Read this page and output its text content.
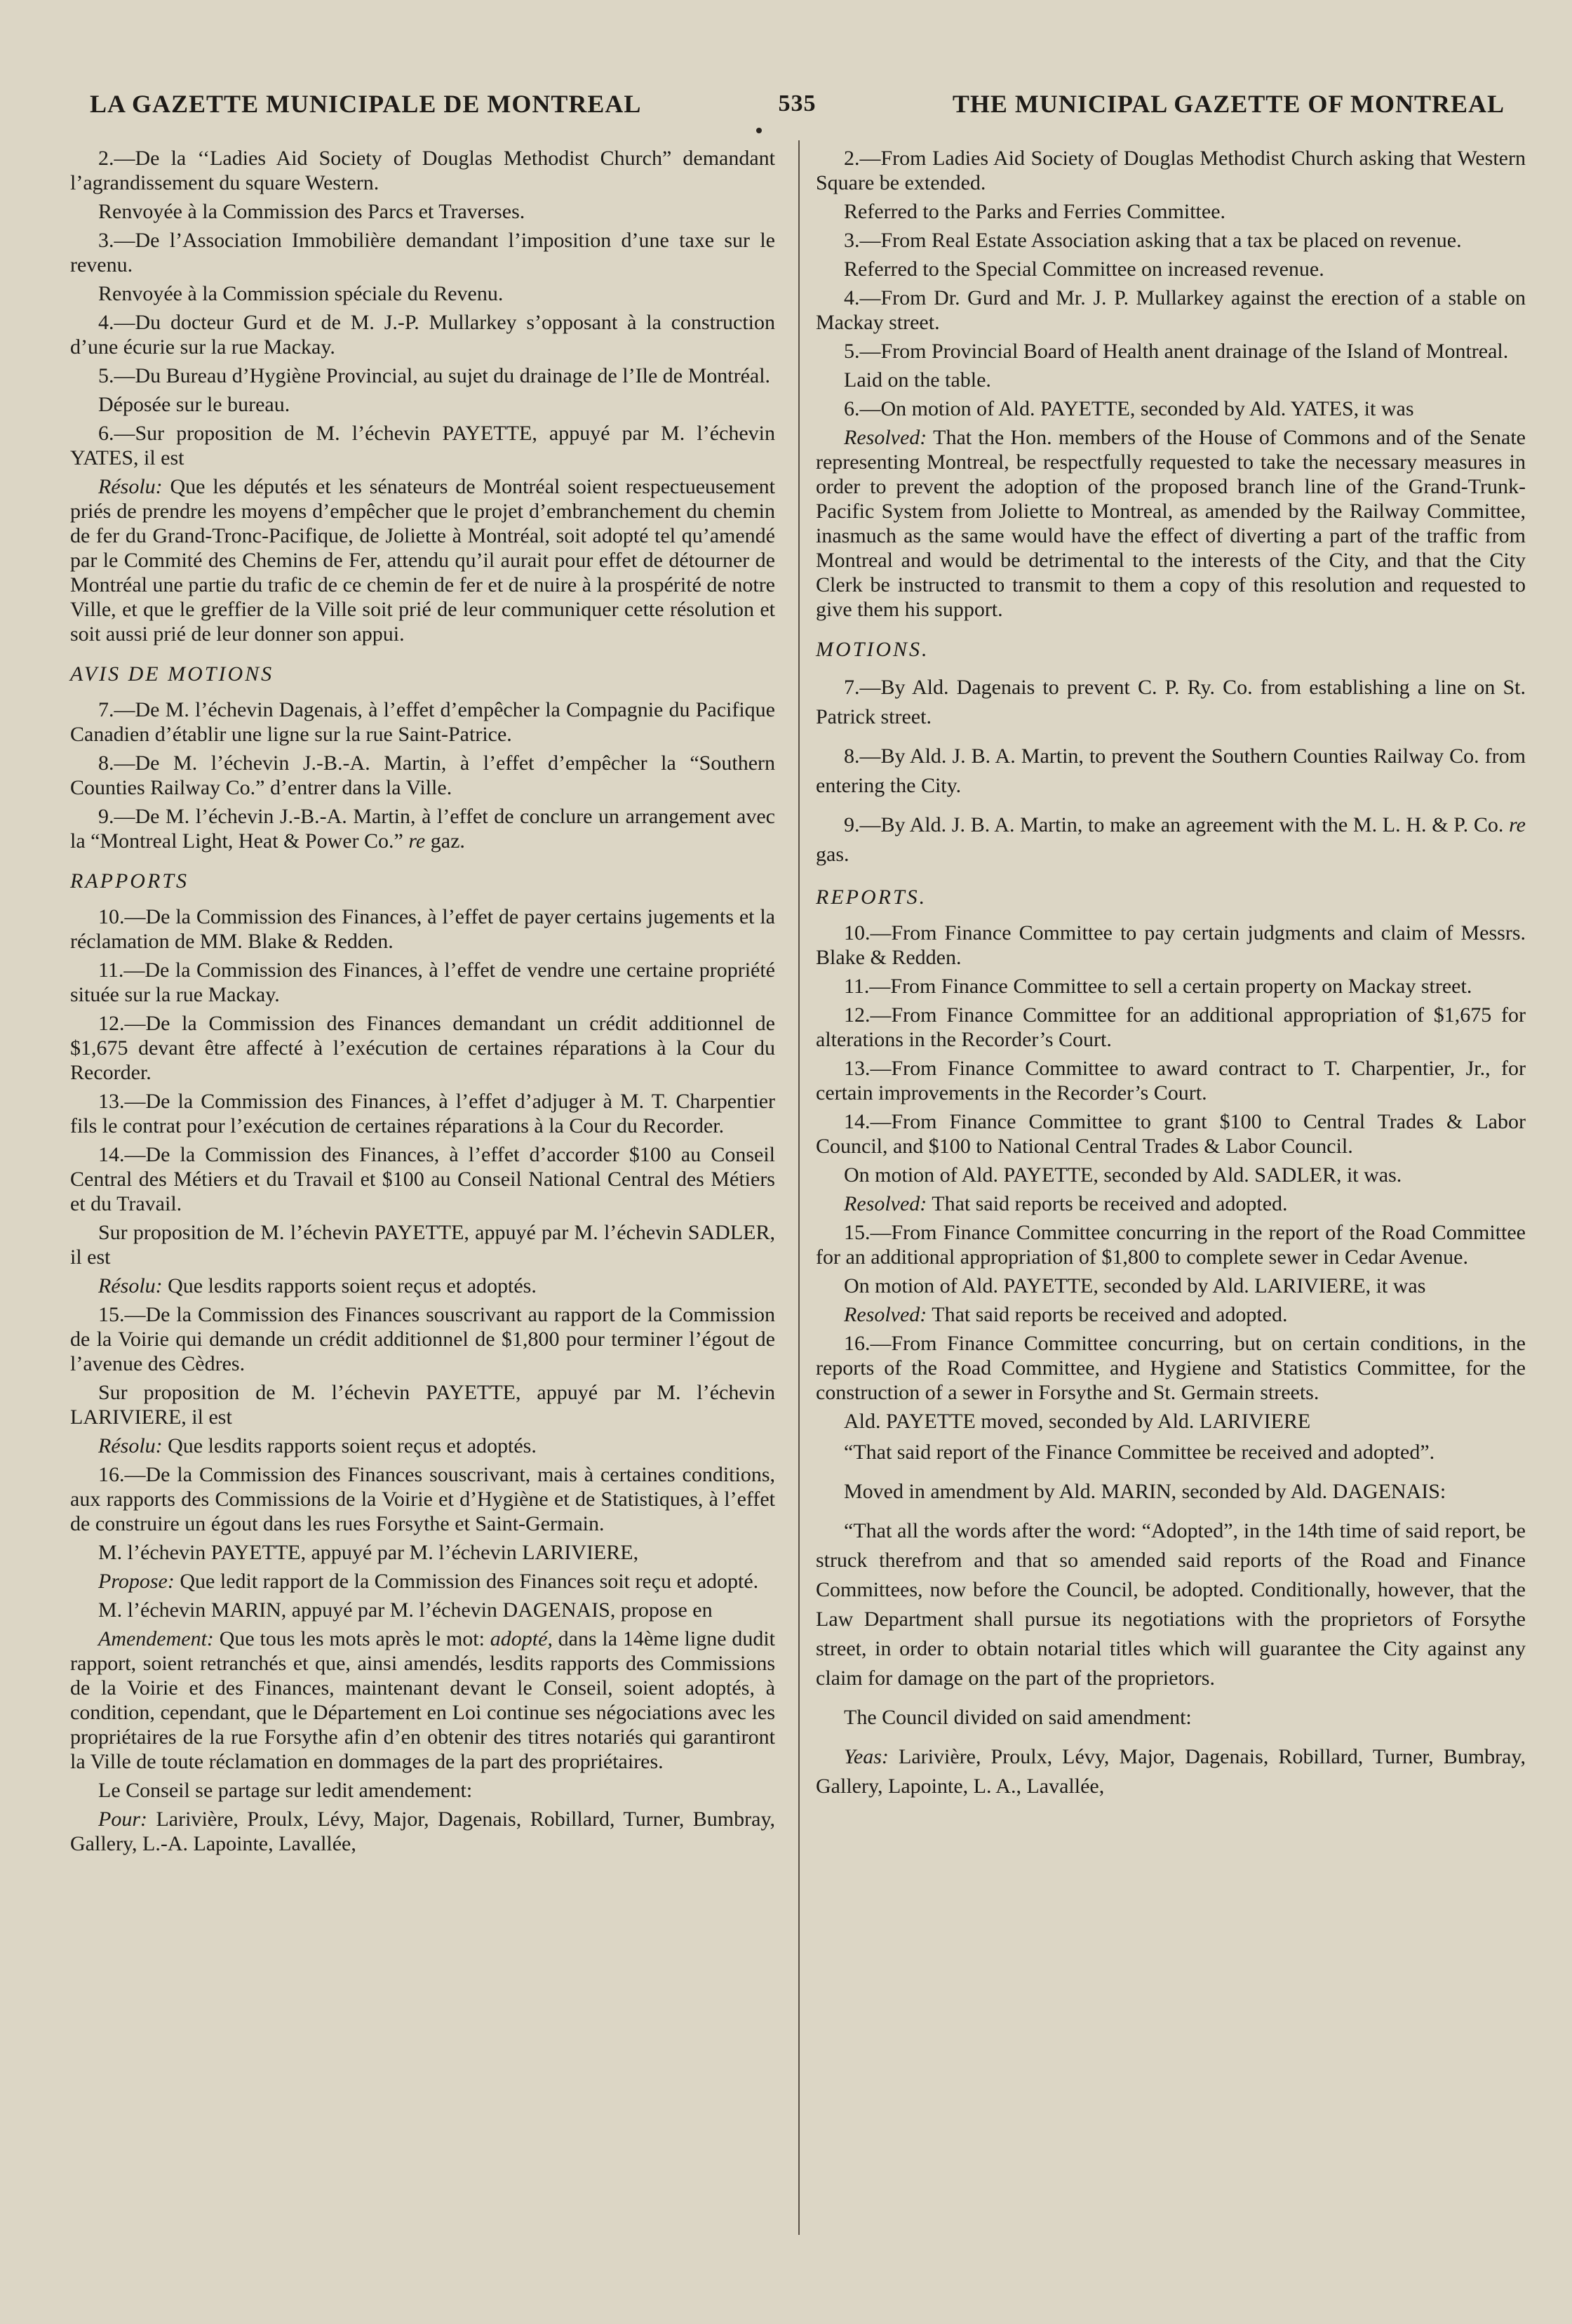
LA GAZETTE MUNICIPALE DE MONTREAL	535	THE MUNICIPAL GAZETTE OF MONTREAL

2.—De la ‘‘Ladies Aid Society of Douglas Methodist Church” demandant l’agrandissement du square Western.

Renvoyée à la Commission des Parcs et Traverses.

3.—De l’Association Immobilière demandant l’imposition d’une taxe sur le revenu.

Renvoyée à la Commission spéciale du Revenu.

4.—Du docteur Gurd et de M. J.-P. Mullarkey s’opposant à la construction d’une écurie sur la rue Mackay.

5.—Du Bureau d’Hygiène Provincial, au sujet du drainage de l’Ile de Montréal.

Déposée sur le bureau.

6.—Sur proposition de M. l’échevin PAYETTE, appuyé par M. l’échevin YATES, il est

Résolu: Que les députés et les sénateurs de Montréal soient respectueusement priés de prendre les moyens d’empêcher que le projet d’embranchement du chemin de fer du Grand-Tronc-Pacifique, de Joliette à Montréal, soit adopté tel qu’amendé par le Commité des Chemins de Fer, attendu qu’il aurait pour effet de détourner de Montréal une partie du trafic de ce chemin de fer et de nuire à la prospérité de notre Ville, et que le greffier de la Ville soit prié de leur communiquer cette résolution et soit aussi prié de leur donner son appui.

AVIS DE MOTIONS

7.—De M. l’échevin Dagenais, à l’effet d’empêcher la Compagnie du Pacifique Canadien d’établir une ligne sur la rue Saint-Patrice.

8.—De M. l’échevin J.-B.-A. Martin, à l’effet d’empêcher la “Southern Counties Railway Co.” d’entrer dans la Ville.

9.—De M. l’échevin J.-B.-A. Martin, à l’effet de conclure un arrangement avec la “Montreal Light, Heat & Power Co.” re gaz.

RAPPORTS

10.—De la Commission des Finances, à l’effet de payer certains jugements et la réclamation de MM. Blake & Redden.

11.—De la Commission des Finances, à l’effet de vendre une certaine propriété située sur la rue Mackay.

12.—De la Commission des Finances demandant un crédit additionnel de $1,675 devant être affecté à l’exécution de certaines réparations à la Cour du Recorder.

13.—De la Commission des Finances, à l’effet d’adjuger à M. T. Charpentier fils le contrat pour l’exécution de certaines réparations à la Cour du Recorder.

14.—De la Commission des Finances, à l’effet d’accorder $100 au Conseil Central des Métiers et du Travail et $100 au Conseil National Central des Métiers et du Travail.

Sur proposition de M. l’échevin PAYETTE, appuyé par M. l’échevin SADLER, il est

Résolu: Que lesdits rapports soient reçus et adoptés.

15.—De la Commission des Finances souscrivant au rapport de la Commission de la Voirie qui demande un crédit additionnel de $1,800 pour terminer l’égout de l’avenue des Cèdres.

Sur proposition de M. l’échevin PAYETTE, appuyé par M. l’échevin LARIVIERE, il est

Résolu: Que lesdits rapports soient reçus et adoptés.

16.—De la Commission des Finances souscrivant, mais à certaines conditions, aux rapports des Commissions de la Voirie et d’Hygiène et de Statistiques, à l’effet de construire un égout dans les rues Forsythe et Saint-Germain.

M. l’échevin PAYETTE, appuyé par M. l’échevin LARIVIERE,

Propose: Que ledit rapport de la Commission des Finances soit reçu et adopté.

M. l’échevin MARIN, appuyé par M. l’échevin DAGENAIS, propose en

Amendement: Que tous les mots après le mot: adopté, dans la 14ème ligne dudit rapport, soient retranchés et que, ainsi amendés, lesdits rapports des Commissions de la Voirie et des Finances, maintenant devant le Conseil, soient adoptés, à condition, cependant, que le Département en Loi continue ses négociations avec les propriétaires de la rue Forsythe afin d’en obtenir des titres notariés qui garantiront la Ville de toute réclamation en dommages de la part des propriétaires.

Le Conseil se partage sur ledit amendement:

Pour: Larivière, Proulx, Lévy, Major, Dagenais, Robillard, Turner, Bumbray, Gallery, L.-A. Lapointe, Lavallée,

2.—From Ladies Aid Society of Douglas Methodist Church asking that Western Square be extended.

Referred to the Parks and Ferries Committee.

3.—From Real Estate Association asking that a tax be placed on revenue.

Referred to the Special Committee on increased revenue.

4.—From Dr. Gurd and Mr. J. P. Mullarkey against the erection of a stable on Mackay street.

5.—From Provincial Board of Health anent drainage of the Island of Montreal.

Laid on the table.

6.—On motion of Ald. PAYETTE, seconded by Ald. YATES, it was

Resolved: That the Hon. members of the House of Commons and of the Senate representing Montreal, be respectfully requested to take the necessary measures in order to prevent the adoption of the proposed branch line of the Grand-Trunk-Pacific System from Joliette to Montreal, as amended by the Railway Committee, inasmuch as the same would have the effect of diverting a part of the traffic from Montreal and would be detrimental to the interests of the City, and that the City Clerk be instructed to transmit to them a copy of this resolution and requested to give them his support.

MOTIONS.

7.—By Ald. Dagenais to prevent C. P. Ry. Co. from establishing a line on St. Patrick street.

8.—By Ald. J. B. A. Martin, to prevent the Southern Counties Railway Co. from entering the City.

9.—By Ald. J. B. A. Martin, to make an agreement with the M. L. H. & P. Co. re gas.

REPORTS.

10.—From Finance Committee to pay certain judgments and claim of Messrs. Blake & Redden.

11.—From Finance Committee to sell a certain property on Mackay street.

12.—From Finance Committee for an additional appropriation of $1,675 for alterations in the Recorder’s Court.

13.—From Finance Committee to award contract to T. Charpentier, Jr., for certain improvements in the Recorder’s Court.

14.—From Finance Committee to grant $100 to Central Trades & Labor Council, and $100 to National Central Trades & Labor Council.

On motion of Ald. PAYETTE, seconded by Ald. SADLER, it was.

Resolved: That said reports be received and adopted.

15.—From Finance Committee concurring in the report of the Road Committee for an additional appropriation of $1,800 to complete sewer in Cedar Avenue.

On motion of Ald. PAYETTE, seconded by Ald. LARIVIERE, it was

Resolved: That said reports be received and adopted.

16.—From Finance Committee concurring, but on certain conditions, in the reports of the Road Committee, and Hygiene and Statistics Committee, for the construction of a sewer in Forsythe and St. Germain streets.

Ald. PAYETTE moved, seconded by Ald. LARIVIERE

“That said report of the Finance Committee be received and adopted”.

Moved in amendment by Ald. MARIN, seconded by Ald. DAGENAIS:

“That all the words after the word: “Adopted”, in the 14th time of said report, be struck therefrom and that so amended said reports of the Road and Finance Committees, now before the Council, be adopted. Conditionally, however, that the Law Department shall pursue its negotiations with the proprietors of Forsythe street, in order to obtain notarial titles which will guarantee the City against any claim for damage on the part of the proprietors.

The Council divided on said amendment:

Yeas: Larivière, Proulx, Lévy, Major, Dagenais, Robillard, Turner, Bumbray, Gallery, Lapointe, L. A., Lavallée,
